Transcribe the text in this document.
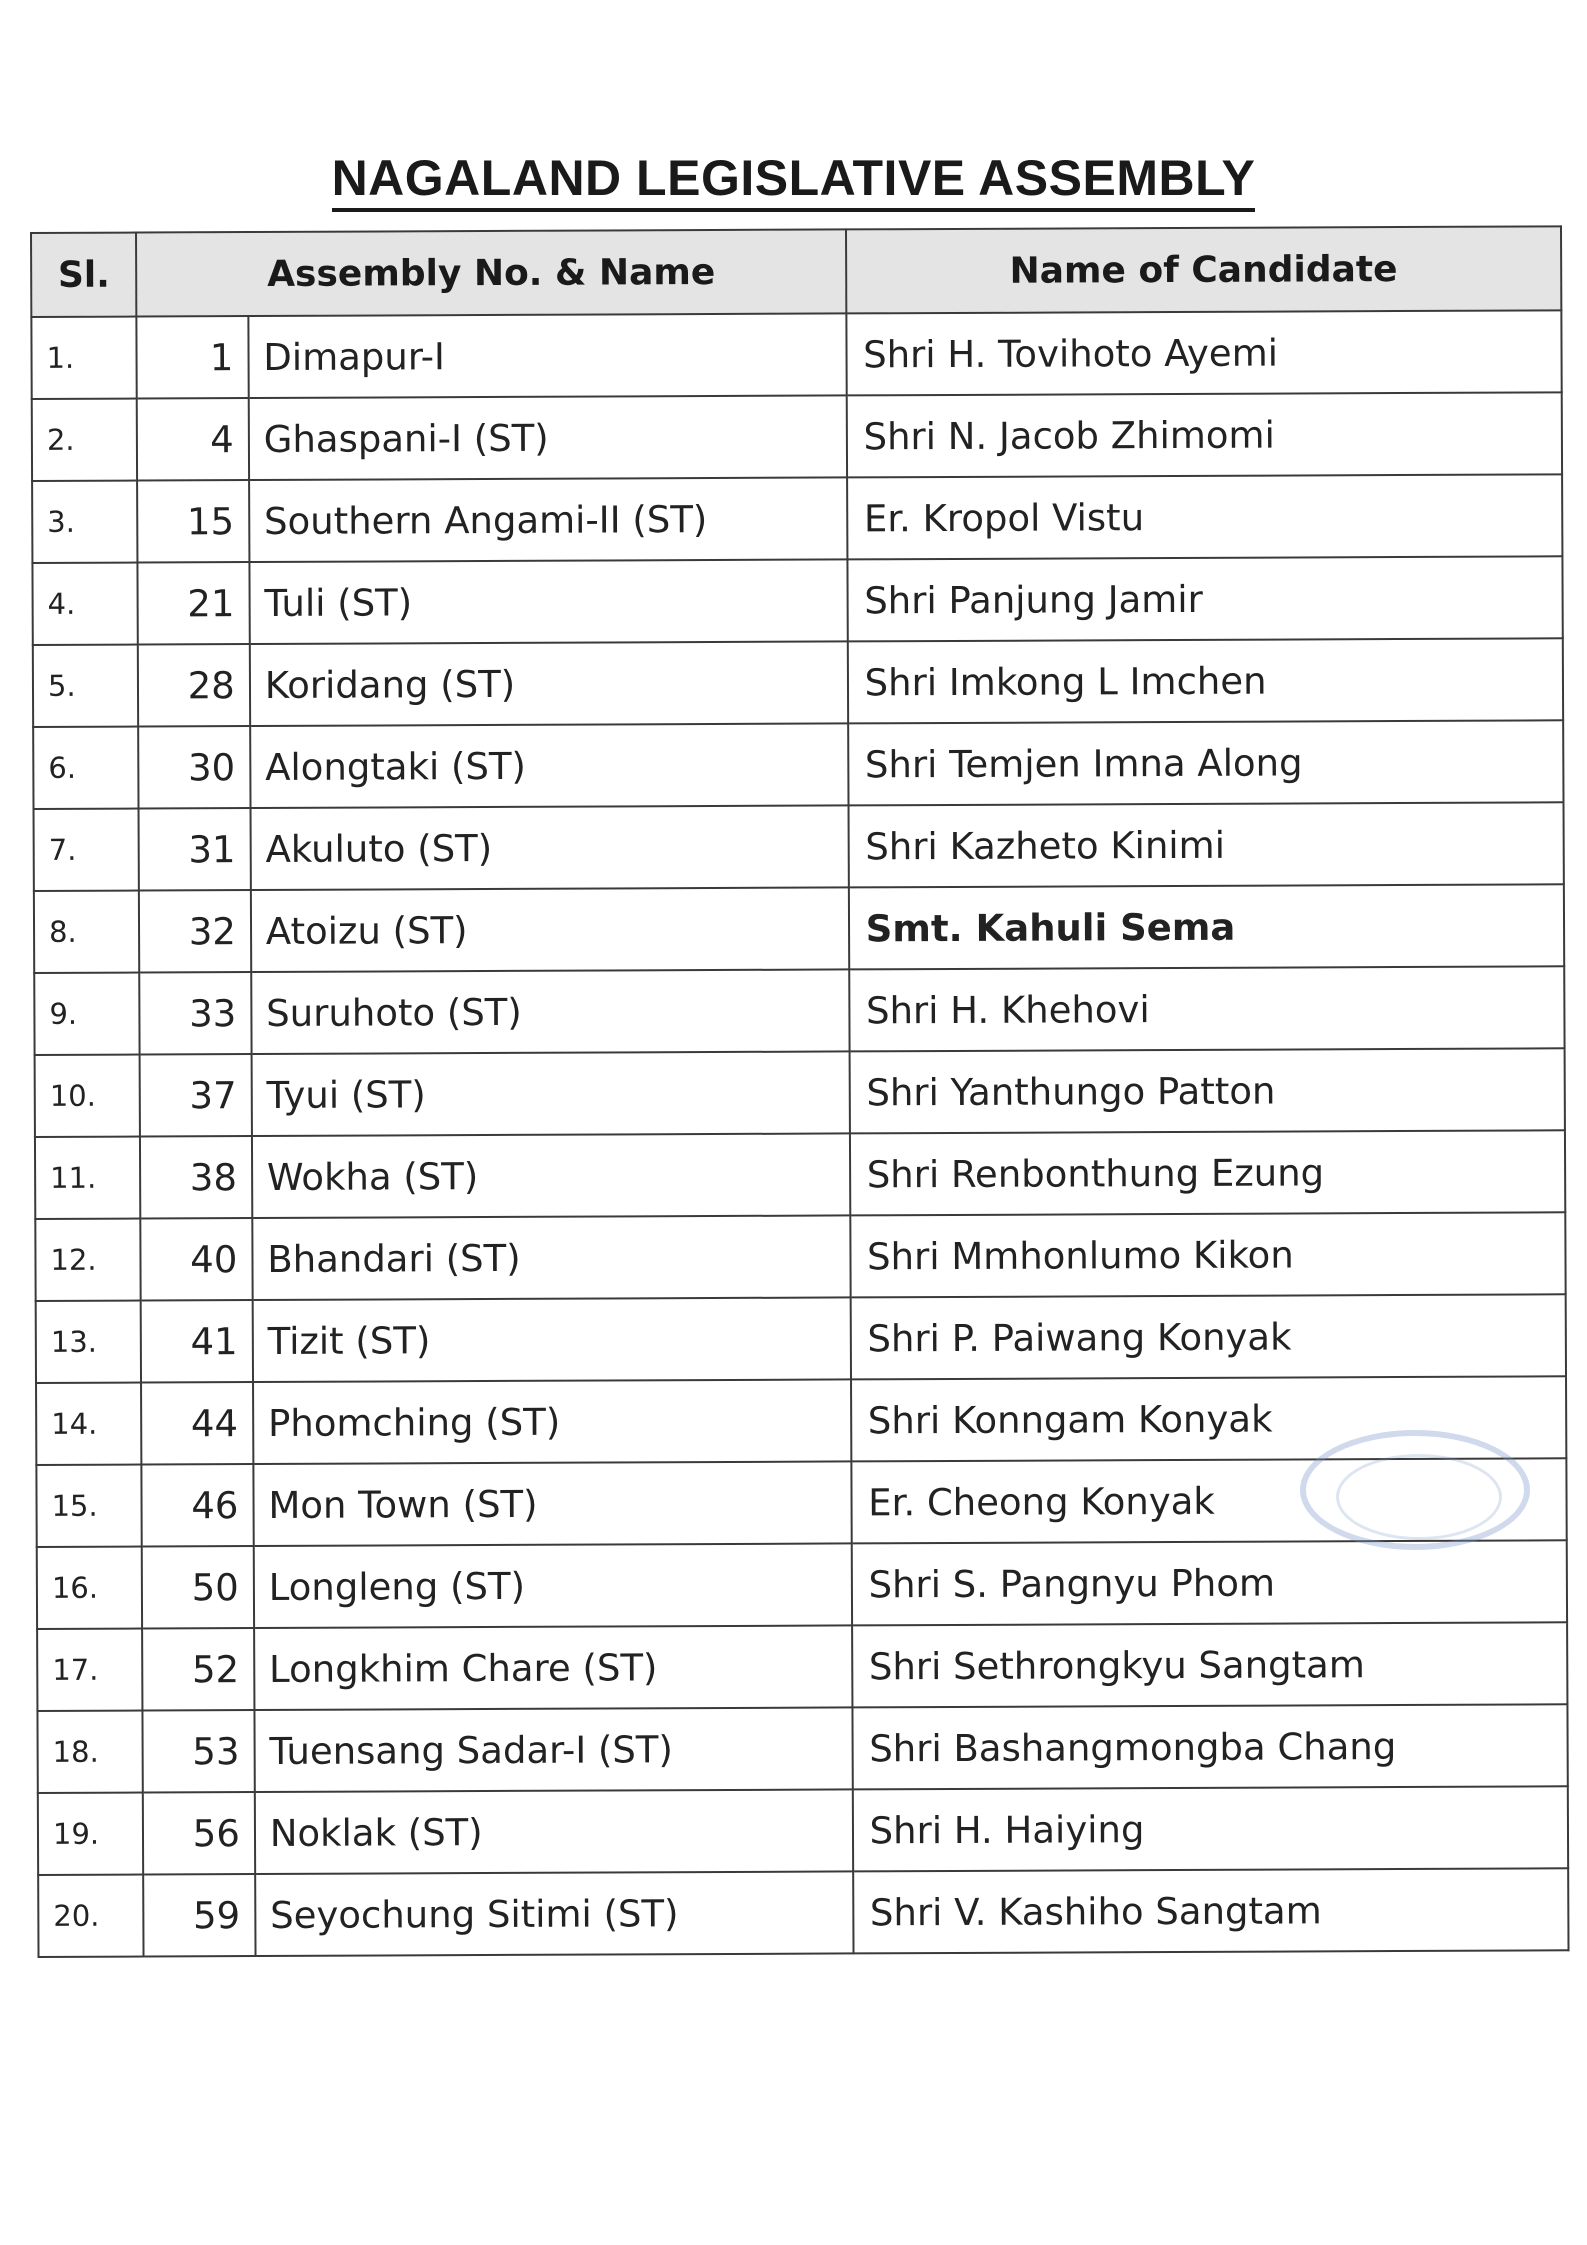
NAGALAND LEGISLATIVE ASSEMBLY
Sl.	Assembly No. & Name		Name of Candidate
1.	1	Dimapur-I	Shri H. Tovihoto Ayemi
2.	4	Ghaspani-I (ST)	Shri N. Jacob Zhimomi
3.	15	Southern Angami-II (ST)	Er. Kropol Vistu
4.	21	Tuli (ST)	Shri Panjung Jamir
5.	28	Koridang (ST)	Shri Imkong L Imchen
6.	30	Alongtaki (ST)	Shri Temjen Imna Along
7.	31	Akuluto (ST)	Shri Kazheto Kinimi
8.	32	Atoizu (ST)	Smt. Kahuli Sema
9.	33	Suruhoto (ST)	Shri H. Khehovi
10.	37	Tyui (ST)	Shri Yanthungo Patton
11.	38	Wokha (ST)	Shri Renbonthung Ezung
12.	40	Bhandari (ST)	Shri Mmhonlumo Kikon
13.	41	Tizit (ST)	Shri P. Paiwang Konyak
14.	44	Phomching (ST)	Shri Konngam Konyak
15.	46	Mon Town (ST)	Er. Cheong Konyak
16.	50	Longleng (ST)	Shri S. Pangnyu Phom
17.	52	Longkhim Chare (ST)	Shri Sethrongkyu Sangtam
18.	53	Tuensang Sadar-I (ST)	Shri Bashangmongba Chang
19.	56	Noklak (ST)	Shri H. Haiying
20.	59	Seyochung Sitimi (ST)	Shri V. Kashiho Sangtam
